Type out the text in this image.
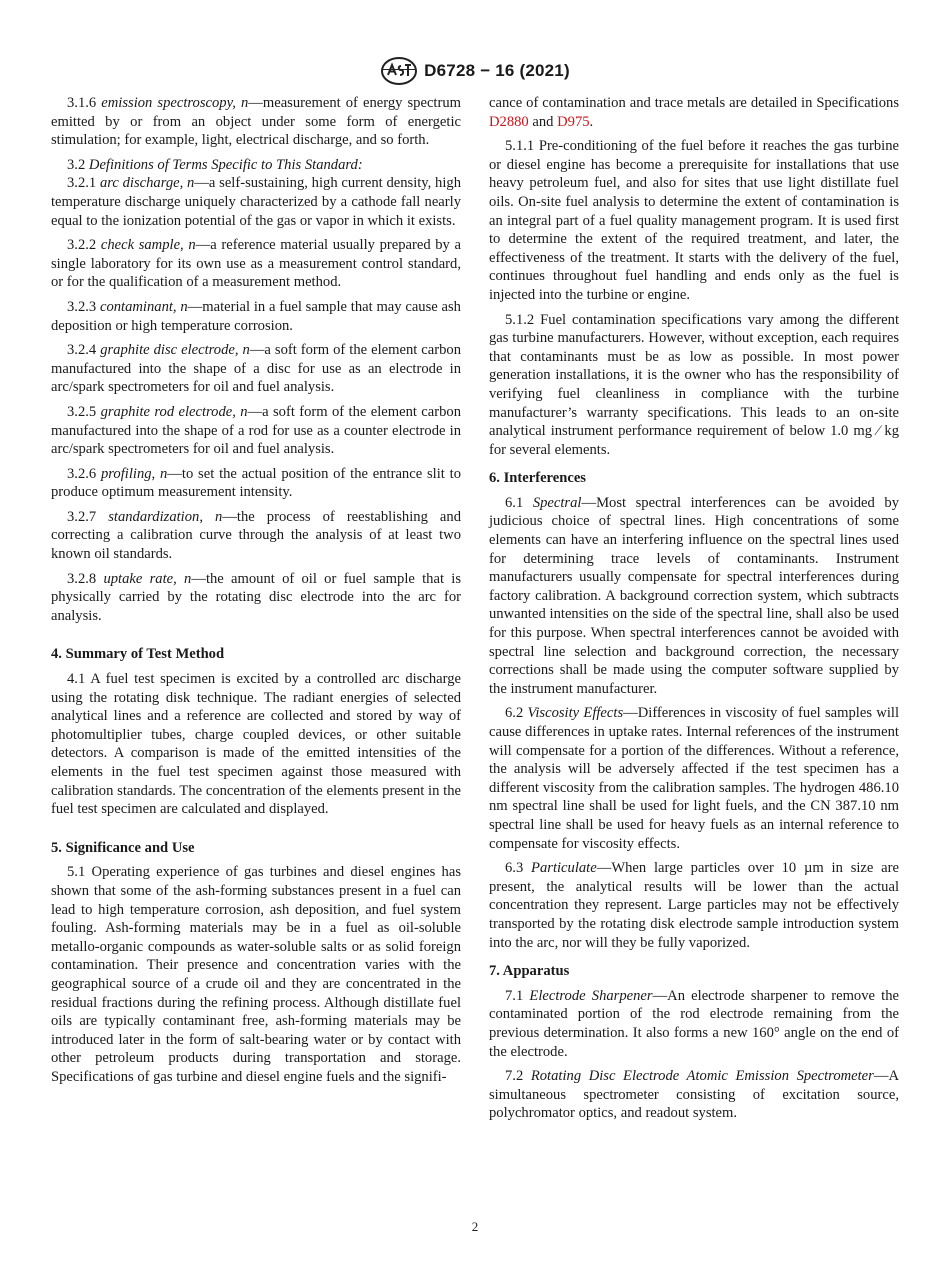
D6728 − 16 (2021)

3.1.6 emission spectroscopy, n—measurement of energy spectrum emitted by or from an object under some form of energetic stimulation; for example, light, electrical discharge, and so forth.

3.2 Definitions of Terms Specific to This Standard:

3.2.1 arc discharge, n—a self-sustaining, high current density, high temperature discharge uniquely characterized by a cathode fall nearly equal to the ionization potential of the gas or vapor in which it exists.

3.2.2 check sample, n—a reference material usually prepared by a single laboratory for its own use as a measurement control standard, or for the qualification of a measurement method.

3.2.3 contaminant, n—material in a fuel sample that may cause ash deposition or high temperature corrosion.

3.2.4 graphite disc electrode, n—a soft form of the element carbon manufactured into the shape of a disc for use as an electrode in arc/spark spectrometers for oil and fuel analysis.

3.2.5 graphite rod electrode, n—a soft form of the element carbon manufactured into the shape of a rod for use as a counter electrode in arc/spark spectrometers for oil and fuel analysis.

3.2.6 profiling, n—to set the actual position of the entrance slit to produce optimum measurement intensity.

3.2.7 standardization, n—the process of reestablishing and correcting a calibration curve through the analysis of at least two known oil standards.

3.2.8 uptake rate, n—the amount of oil or fuel sample that is physically carried by the rotating disc electrode into the arc for analysis.

4. Summary of Test Method

4.1 A fuel test specimen is excited by a controlled arc discharge using the rotating disk technique. The radiant energies of selected analytical lines and a reference are collected and stored by way of photomultiplier tubes, charge coupled devices, or other suitable detectors. A comparison is made of the emitted intensities of the elements in the fuel test specimen against those measured with calibration standards. The concentration of the elements present in the fuel test specimen are calculated and displayed.

5. Significance and Use

5.1 Operating experience of gas turbines and diesel engines has shown that some of the ash-forming substances present in a fuel can lead to high temperature corrosion, ash deposition, and fuel system fouling. Ash-forming materials may be in a fuel as oil-soluble metallo-organic compounds as water-soluble salts or as solid foreign contamination. Their presence and concentration varies with the geographical source of a crude oil and they are concentrated in the residual fractions during the refining process. Although distillate fuel oils are typically contaminant free, ash-forming materials may be introduced later in the form of salt-bearing water or by contact with other petroleum products during transportation and storage. Specifications of gas turbine and diesel engine fuels and the signifi-

cance of contamination and trace metals are detailed in Specifications D2880 and D975.

5.1.1 Pre-conditioning of the fuel before it reaches the gas turbine or diesel engine has become a prerequisite for installations that use heavy petroleum fuel, and also for sites that use light distillate fuel oils. On-site fuel analysis to determine the extent of contamination is an integral part of a fuel quality management program. It is used first to determine the extent of the required treatment, and later, the effectiveness of the treatment. It starts with the delivery of the fuel, continues throughout fuel handling and ends only as the fuel is injected into the turbine or engine.

5.1.2 Fuel contamination specifications vary among the different gas turbine manufacturers. However, without exception, each requires that contaminants must be as low as possible. In most power generation installations, it is the owner who has the responsibility of verifying fuel cleanliness in compliance with the turbine manufacturer’s warranty specifications. This leads to an on-site analytical instrument performance requirement of below 1.0 mg ⁄ kg for several elements.

6. Interferences

6.1 Spectral—Most spectral interferences can be avoided by judicious choice of spectral lines. High concentrations of some elements can have an interfering influence on the spectral lines used for determining trace levels of contaminants. Instrument manufacturers usually compensate for spectral interferences during factory calibration. A background correction system, which subtracts unwanted intensities on the side of the spectral line, shall also be used for this purpose. When spectral interferences cannot be avoided with spectral line selection and background correction, the necessary corrections shall be made using the computer software supplied by the instrument manufacturer.

6.2 Viscosity Effects—Differences in viscosity of fuel samples will cause differences in uptake rates. Internal references of the instrument will compensate for a portion of the differences. Without a reference, the analysis will be adversely affected if the test specimen has a different viscosity from the calibration samples. The hydrogen 486.10 nm spectral line shall be used for light fuels, and the CN 387.10 nm spectral line shall be used for heavy fuels as an internal reference to compensate for viscosity effects.

6.3 Particulate—When large particles over 10 µm in size are present, the analytical results will be lower than the actual concentration they represent. Large particles may not be effectively transported by the rotating disk electrode sample introduction system into the arc, nor will they be fully vaporized.

7. Apparatus

7.1 Electrode Sharpener—An electrode sharpener to remove the contaminated portion of the rod electrode remaining from the previous determination. It also forms a new 160° angle on the end of the electrode.

7.2 Rotating Disc Electrode Atomic Emission Spectrometer—A simultaneous spectrometer consisting of excitation source, polychromator optics, and readout system.

2
